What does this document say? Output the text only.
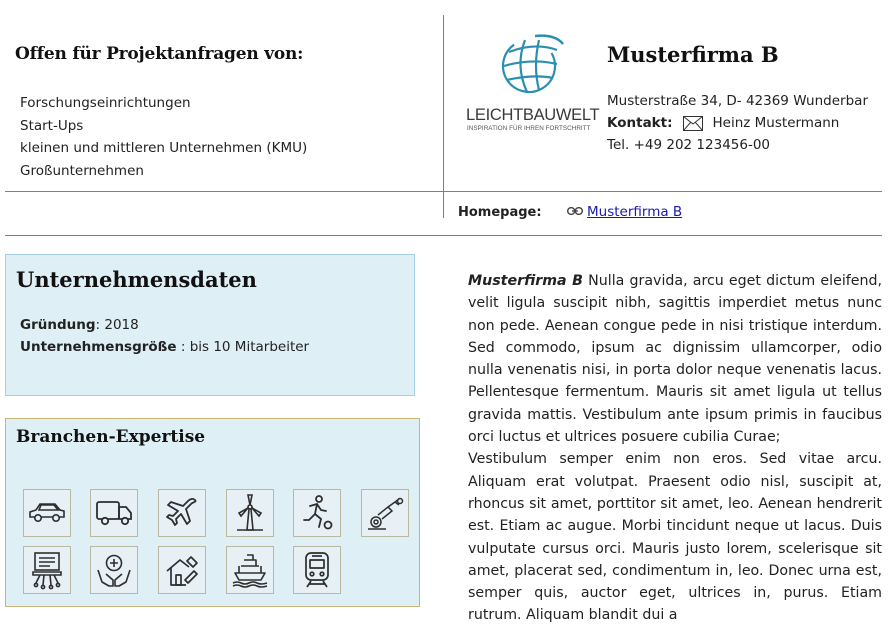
Offen für Projektanfragen von:
Forschungseinrichtungen
Start-Ups
kleinen und mittleren Unternehmen (KMU)
Großunternehmen
LEICHTBAUWELT
INSPIRATION FÜR IHREN FORTSCHRITT
Musterfirma B
Musterstraße 34, D- 42369 Wunderbar
Kontakt:	Heinz Mustermann
Tel. +49 202 123456-00
Homepage:	Musterfirma B
Unternehmensdaten
Gründung: 2018
Unternehmensgröße : bis 10 Mitarbeiter
Branchen-Expertise

Musterfirma B Nulla gravida, arcu eget dictum eleifend, velit ligula suscipit nibh, sagittis imperdiet metus nunc non pede. Aenean congue pede in nisi tristique interdum. Sed commodo, ipsum ac dignissim ullamcorper, odio nulla venenatis nisi, in porta dolor neque venenatis lacus. Pellentesque fermentum. Mauris sit amet ligula ut tellus gravida mattis. Vestibulum ante ipsum primis in faucibus orci luctus et ultrices posuere cubilia Curae;

Vestibulum semper enim non eros. Sed vitae arcu. Aliquam erat volutpat. Praesent odio nisl, suscipit at, rhoncus sit amet, porttitor sit amet, leo. Aenean hendrerit est. Etiam ac augue. Morbi tincidunt neque ut lacus. Duis vulputate cursus orci. Mauris justo lorem, scelerisque sit amet, placerat sed, condimentum in, leo. Donec urna est, semper quis, auctor eget, ultrices in, purus. Etiam rutrum. Aliquam blandit dui a
